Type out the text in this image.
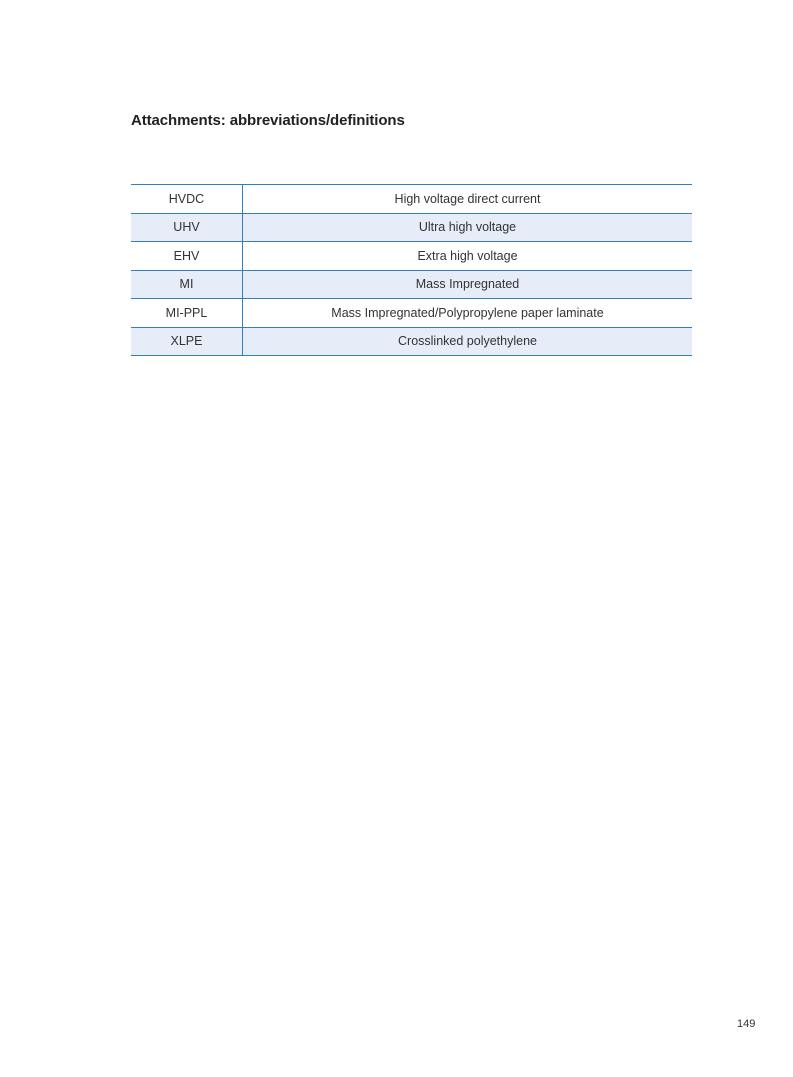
Attachments: abbreviations/definitions
HVDC	High voltage direct current
UHV	Ultra high voltage
EHV	Extra high voltage
MI	Mass Impregnated
MI-PPL	Mass Impregnated/Polypropylene paper laminate
XLPE	Crosslinked polyethylene
149
